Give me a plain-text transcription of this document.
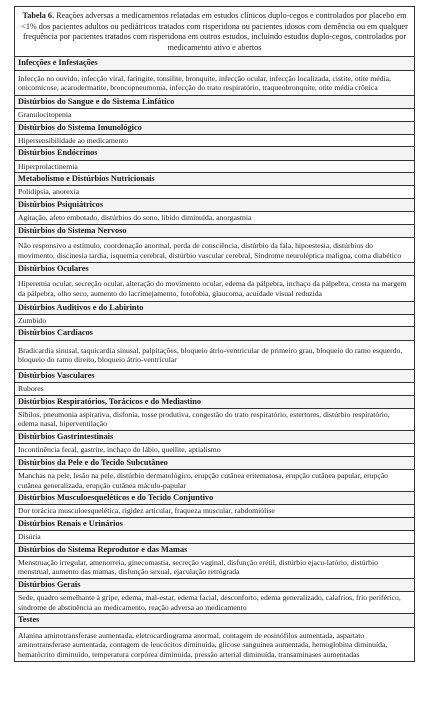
Tabela 6. Reações adversas a medicamentos relatadas em estudos clínicos duplo-cegos e controlados por placebo em <1% dos pacientes adultos ou pediátricos tratados com risperidona ou pacientes idosos com demência ou em qualquer frequência por pacientes tratados com risperidona em outros estudos, incluindo estudos duplo-cegos, controlados por medicamento ativo e abertos
Infecções e Infestações
Infecção no ouvido, infecção viral, faringite, tonsilite, bronquite, infecção ocular, infecção localizada, cistite, otite média, onicomicose, acarodermatite, broncopneumonia, infecção do trato respiratório, traqueobronquite, otite média crônica
Distúrbios do Sangue e do Sistema Linfático
Granulocitopenia
Distúrbios do Sistema Imunológico
Hipersensibilidade ao medicamento
Distúrbios Endócrinos
Hiperprolactinemia
Metabolismo e Distúrbios Nutricionais
Polidipsia, anorexia
Distúrbios Psiquiátricos
Agitação, afeto embotado, distúrbios do sono, libido diminuída, anorgasmia
Distúrbios do Sistema Nervoso
Não responsivo a estímulo, coordenação anormal, perda de consciência, distúrbio da fala, hipoestesia, distúrbios do movimento, discinesia tardia, isquemia cerebral, distúrbio vascular cerebral, Síndrome neuroléptica maligna, coma diabético
Distúrbios Oculares
Hiperemia ocular, secreção ocular, alteração do movimento ocular, edema da pálpebra, inchaço da pálpebra, crosta na margem da pálpebra, olho seco, aumento do lacrimejamento, fotofobia, glaucoma, acuidade visual reduzida
Distúrbios Auditivos e do Labirinto
Zumbido
Distúrbios Cardíacos
Bradicardia sinusal, taquicardia sinusal, palpitações, bloqueio átrio-ventricular de primeiro grau, bloqueio do ramo esquerdo, bloqueio do ramo direito, bloqueio átrio-ventricular
Distúrbios Vasculares
Rubores
Distúrbios Respiratórios, Torácicos e do Mediastino
Sibilos, pneumonia aspirativa, disfonia, tosse produtiva, congestão do trato respiratório, estertores, distúrbio respiratório, edema nasal, hiperventilação
Distúrbios Gastrintestinais
Incontinência fecal, gastrite, inchaço do lábio, queilite, aptialismo
Distúrbios da Pele e do Tecido Subcutâneo
Manchas na pele, lesão na pele, distúrbio dermatológico, erupção cutânea eritematosa, erupção cutânea papular, erupção cutânea generalizada, erupção cutânea máculo-papular
Distúrbios Musculoesqueléticos e do Tecido Conjuntivo
Dor torácica musculoesquelética, rigidez articular, fraqueza muscular, rabdomiólise
Distúrbios Renais e Urinários
Disúria
Distúrbios do Sistema Reprodutor e das Mamas
Menstruação irregular, amenorreia, ginecomastia, secreção vaginal, disfunção erétil, distúrbio ejacu-latório, distúrbio menstrual, aumento das mamas, disfunção sexual, ejaculação retrógrada
Distúrbios Gerais
Sede, quadro semelhante à gripe, edema, mal-estar, edema facial, desconforto, edema generalizado, calafrios, frio periférico, síndrome de abstinência ao medicamento, reação adversa ao medicamento
Testes
Alanina aminotransferase aumentada, eletrocardiograma anormal, contagem de eosinófilos aumentada, aspartato aminotransferase aumentada, contagem de leucócitos diminuída, glicose sanguínea aumentada, hemoglobina diminuída, hematócrito diminuído, temperatura corpórea diminuída, pressão arterial diminuída, transaminases aumentadas
